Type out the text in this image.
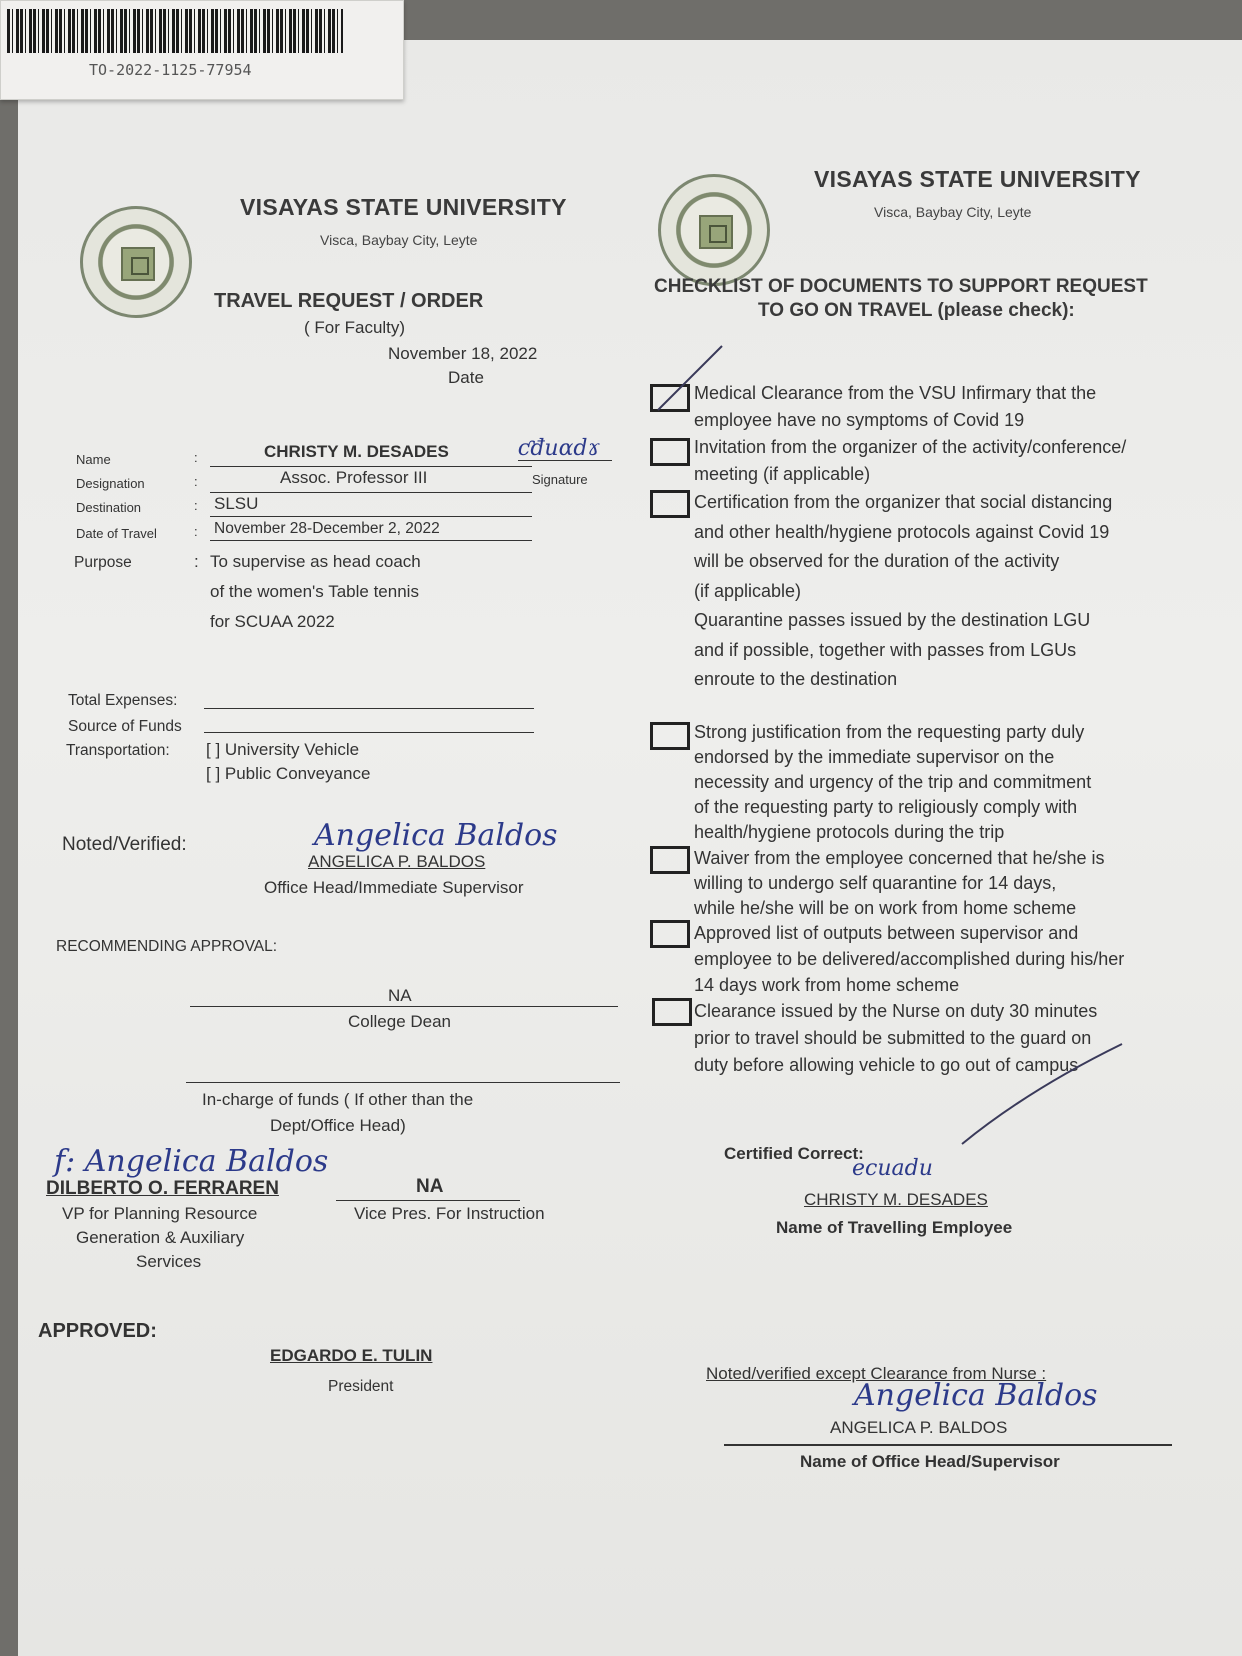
TO-2022-1125-77954
VISAYAS STATE UNIVERSITY
Visca, Baybay City, Leyte
TRAVEL REQUEST / ORDER
( For Faculty)
November 18, 2022
Date
Name	:	CHRISTY M. DESADES	ƈđuɑdɤ
Signature
Designation	:	Assoc. Professor III
Destination	: SLSU
Date of Travel	: November 28-December 2, 2022
Purpose	: To supervise as head coach
of the women's Table tennis
for SCUAA 2022
Total Expenses:
Source of Funds
Transportation: [ ] University Vehicle
[ ] Public Conveyance
Noted/Verified:	Angelica Baldos
ANGELICA P. BALDOS
Office Head/Immediate Supervisor
RECOMMENDING APPROVAL:
NA
College Dean
In-charge of funds ( If other than the
Dept/Office Head)
f: Angelica Baldos
DILBERTO O. FERRAREN
VP for Planning Resource
Generation & Auxiliary
Services
NA
Vice Pres. For Instruction
APPROVED:
EDGARDO E. TULIN
President
VISAYAS STATE UNIVERSITY
Visca, Baybay City, Leyte
CHECKLIST OF DOCUMENTS TO SUPPORT REQUEST
TO GO ON TRAVEL (please check):
Medical Clearance from the VSU Infirmary that the
employee have no symptoms of Covid 19
Invitation from the organizer of the activity/conference/
meeting (if applicable)
Certification from the organizer that social distancing
and other health/hygiene protocols against Covid 19
will be observed for the duration of the activity
(if applicable)
Quarantine passes issued by the destination LGU
and if possible, together with passes from LGUs
enroute to the destination
Strong justification from the requesting party duly
endorsed by the immediate supervisor on the
necessity and urgency of the trip and commitment
of the requesting party to religiously comply with
health/hygiene protocols during the trip
Waiver from the employee concerned that he/she is
willing to undergo self quarantine for 14 days,
while he/she will be on work from home scheme
Approved list of outputs between supervisor and
employee to be delivered/accomplished during his/her
14 days work from home scheme
Clearance issued by the Nurse on duty 30 minutes
prior to travel should be submitted to the guard on
duty before allowing vehicle to go out of campus
Certified Correct:
ecuadu
CHRISTY M. DESADES
Name of Travelling Employee
Noted/verified except Clearance from Nurse :
Angelica Baldos
ANGELICA P. BALDOS
Name of Office Head/Supervisor
